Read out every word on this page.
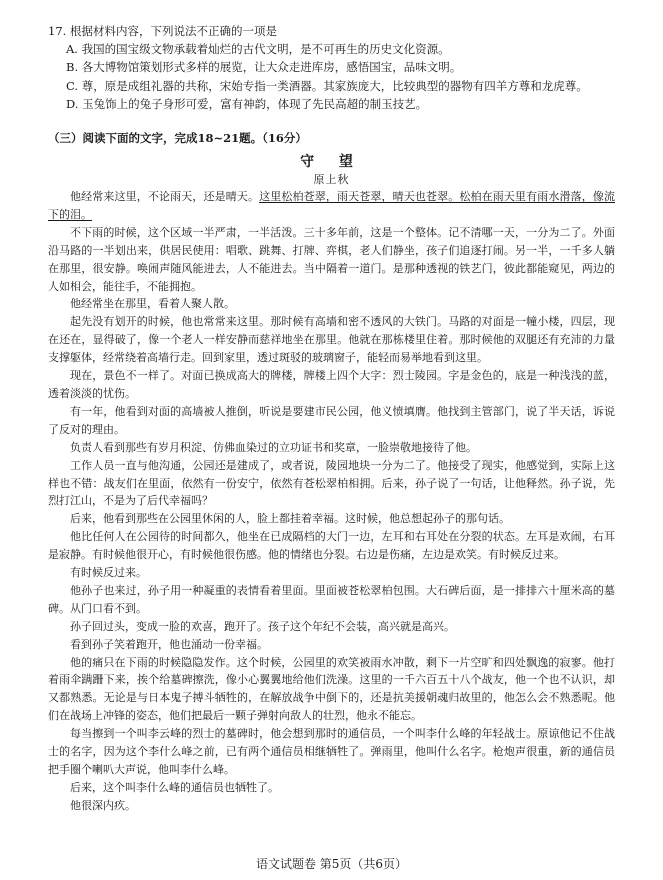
17. 根据材料内容，下列说法不正确的一项是
A. 我国的国宝级文物承载着灿烂的古代文明，是不可再生的历史文化资源。
B. 各大博物馆策划形式多样的展览，让大众走进库房，感悟国宝，品味文明。
C. 尊，原是成组礼器的共称，宋始专指一类酒器。其家族庞大，比较典型的器物有四羊方尊和龙虎尊。
D. 玉兔饰上的兔子身形可爱，富有神韵，体现了先民高超的制玉技艺。
（三）阅读下面的文字，完成18~21题。（16分）
守 望
原上秋

他经常来这里，不论雨天，还是晴天。这里松柏苍翠，雨天苍翠，晴天也苍翠。松柏在雨天里有雨水滑落，像流下的泪。

不下雨的时候，这个区域一半严肃，一半活泼。三十多年前，这是一个整体。记不清哪一天，一分为二了。外面沿马路的一半划出来，供居民使用：唱歌、跳舞、打牌、弈棋，老人们静坐，孩子们追逐打闹。另一半，一千多人躺在那里，很安静。唤闹声随风能进去，人不能进去。当中隔着一道门。是那种透视的铁艺门，彼此都能窥见，两边的人如相会，能往手，不能拥抱。

他经常坐在那里，看着人聚人散。

起先没有划开的时候，他也常常来这里。那时候有高墙和密不透风的大铁门。马路的对面是一幢小楼，四层，现在还在，显得破了，像一个老人一样安静而慈祥地坐在那里。他就在那栋楼里住着。那时候他的双腿还有充沛的力量支撑躯体，经常绕着高墙行走。回到家里，透过斑驳的玻璃窗子，能轻而易举地看到这里。

现在，景色不一样了。对面已换成高大的牌楼，牌楼上四个大字：烈士陵园。字是金色的，底是一种浅浅的蓝，透着淡淡的忧伤。

有一年，他看到对面的高墙被人推倒，听说是要建市民公园，他义愤填膺。他找到主管部门，说了半天话，诉说了反对的理由。

负责人看到那些有岁月积淀、仿佛血染过的立功证书和奖章，一脸崇敬地接待了他。

工作人员一直与他沟通，公园还是建成了，或者说，陵园地块一分为二了。他接受了现实，他感觉到，实际上这样也不错：战友们在里面，依然有一份安宁，依然有苍松翠柏相拥。后来，孙子说了一句话，让他释然。孙子说，先烈打江山，不是为了后代幸福吗？

后来，他看到那些在公园里休闲的人，脸上都挂着幸福。这时候，他总想起孙子的那句话。

他比任何人在公园待的时间都久，他坐在已成隔档的大门一边，左耳和右耳处在分裂的状态。左耳是欢闹，右耳是寂静。有时候他很开心，有时候他很伤感。他的情绪也分裂。右边是伤痛，左边是欢笑。有时候反过来。

有时候反过来。

他孙子也来过，孙子用一种凝重的表情看着里面。里面被苍松翠柏包围。大石碑后面，是一排排六十厘米高的墓碑。从门口看不到。

孙子回过头，变成一脸的欢喜，跑开了。孩子这个年纪不会装，高兴就是高兴。

看到孙子笑着跑开，他也涌动一份幸福。

他的痛只在下雨的时候隐隐发作。这个时候，公园里的欢笑被雨水冲散，剩下一片空旷和四处飘逸的寂寥。他打着雨伞蹒跚下来，挨个给墓碑擦洗，像小心翼翼地给他们洗澡。这里的一千六百五十八个战友，他一个也不认识，却又都熟悉。无论是与日本鬼子搏斗牺牲的，在解放战争中倒下的，还是抗美援朝魂归故里的，他怎么会不熟悉呢。他们在战场上冲锋的姿态，他们把最后一颗子弹射向敌人的壮烈，他永不能忘。

每当擦到一个叫李云峰的烈士的墓碑时，他会想到那时的通信员，一个叫李什么峰的年轻战士。原谅他记不住战士的名字，因为这个李什么峰之前，已有两个通信员相继牺牲了。弹雨里，他叫什么名字。枪炮声很重，新的通信员把手圈个喇叭大声说，他叫李什么峰。

后来，这个叫李什么峰的通信员也牺牲了。

他很深内疚。

语文试题卷 第5页（共6页）
